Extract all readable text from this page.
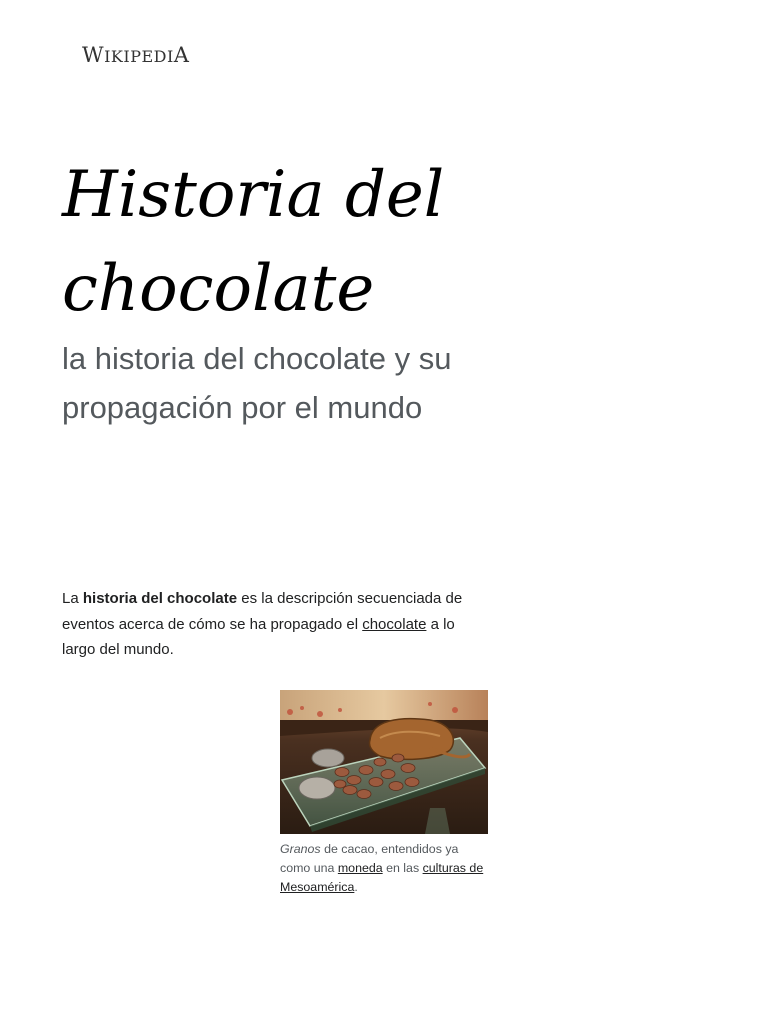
WIKIPEDIA
Historia del
chocolate

la historia del chocolate y su propagación por el mundo

La historia del chocolate es la descripción secuenciada de eventos acerca de cómo se ha propagado el chocolate a lo largo del mundo.

Granos de cacao, entendidos ya como una moneda en las culturas de Mesoamérica.
